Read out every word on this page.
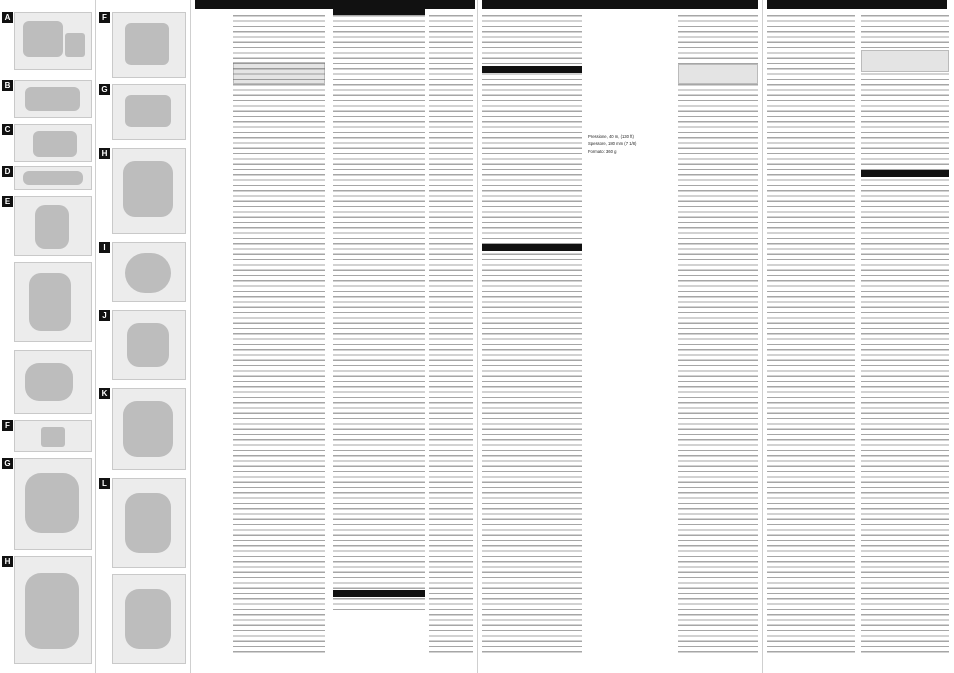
A
B
C
D
E
F
G
H
F
G
H
I
J
K
L

Pressione, 40 m, (130 ft)

Spessore, 180 mm (7 1/8)

Formato: 360 g
